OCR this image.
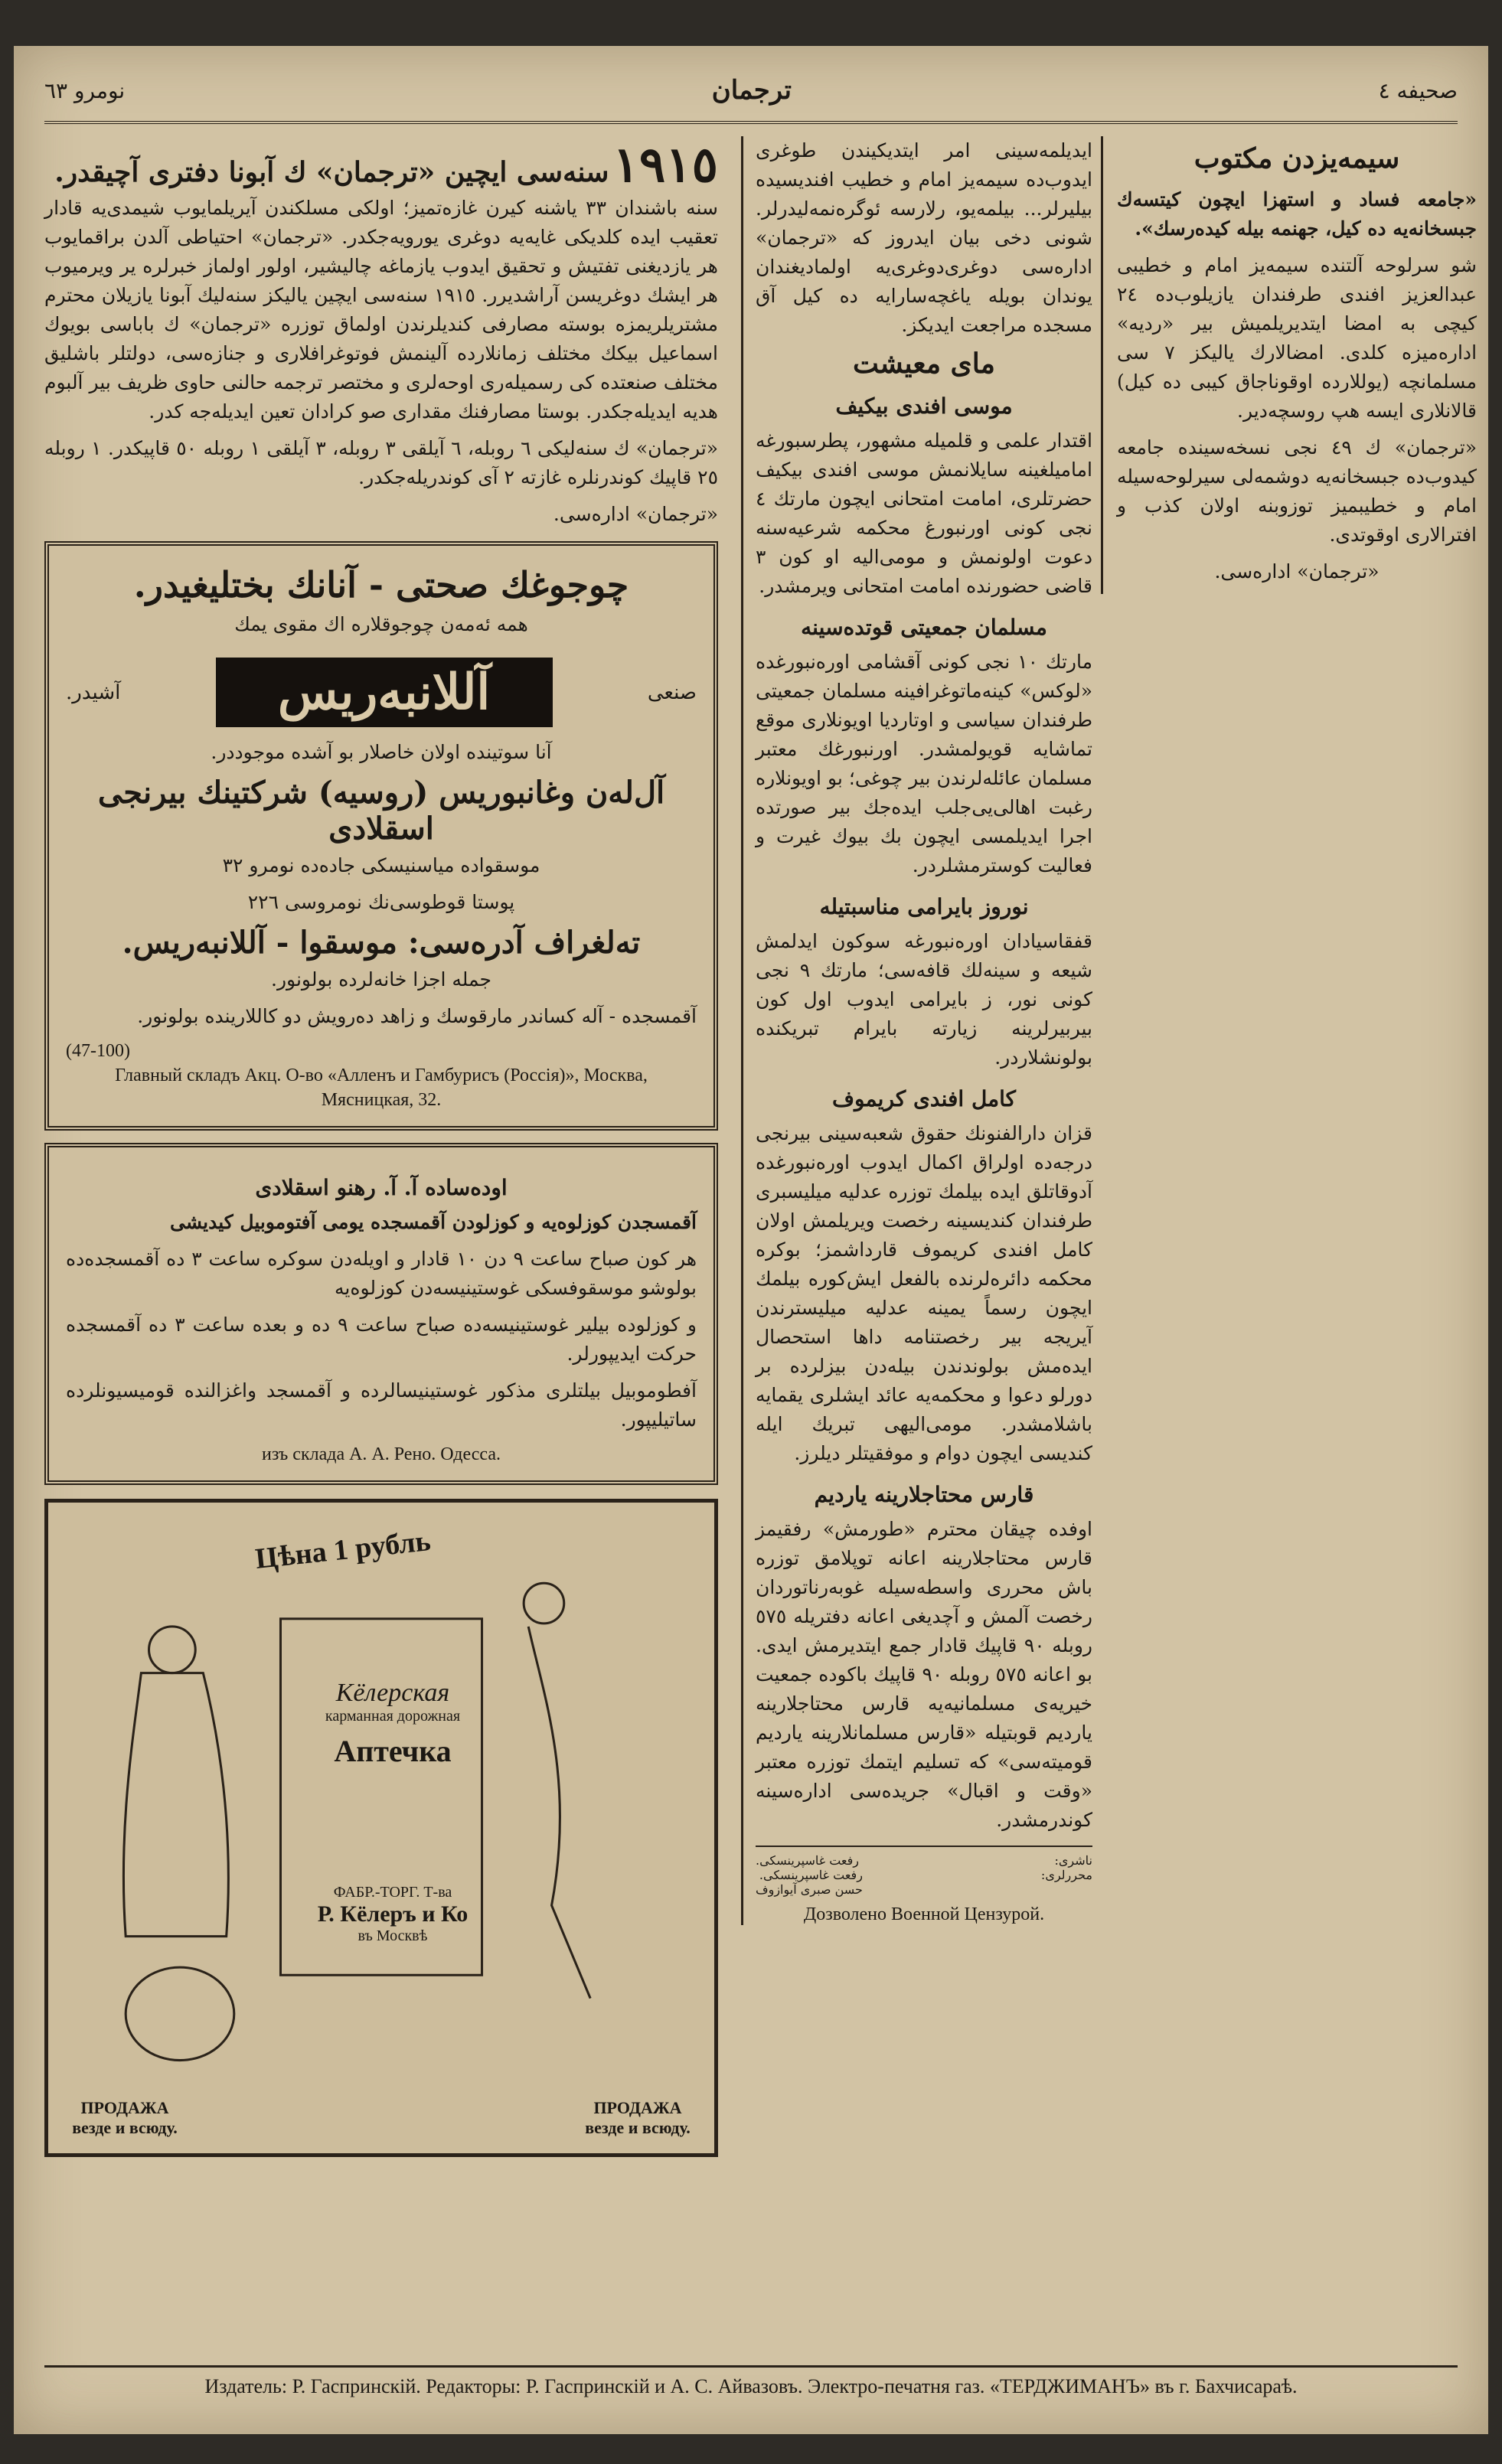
نومرو ٦٣	ترجمان	صحیفه ٤
سیمه‌یزدن مکتوب

«جامعه فساد و استهزا ایچون کیتسه‌ك جبسخانه‌یه ده کیل، جهنمه بیله کیده‌رسك».

شو سرلوحه آلتنده سیمه‌یز امام و خطیبی عبدالعزیز افندی طرفندان یازیلوب‌ده ٢٤ کیچی به امضا ایتدیریلمیش بیر «ردیه» اداره‌میزه کلدی. امضالارك یالیکز ٧ سی مسلمانچه (یوللارده اوقوناجاق کیبی ده کیل) قالانلاری ایسه هپ روسچه‌دیر.

«ترجمان» ك ٤٩ نجی نسخه‌سینده جامعه کیدوب‌ده جبسخانه‌یه دوشمه‌لی سیرلوحه‌سیله امام و خطیبمیز توزوبنه اولان کذب و افترالاری اوقوتدی.

«ترجمان» اداره‌سی.

ایدیلمه‌سینی امر ایتدیکیندن طوغری ایدوب‌ده سیمه‌یز امام و خطیب افندیسیده بیلیرلر... بیلمه‌یو، رلارسه ئوگره‌نمه‌لیدرلر. شونی دخی بیان ایدروز که «ترجمان» اداره‌سی دوغری‌دوغری‌یه اولمادیغندان یوندان بویله یاغچه‌سارایه ده کیل آق مسجده مراجعت ایدیکز.

مای معیشت
موسی افندی بیکیف

اقتدار علمی و قلمیله مشهور، پطرسبورغه امامیلغینه سایلانمش موسی افندی بیکیف حضرتلری، امامت امتحانی ایچون مارتك ٤ نجی کونی اورنبورغ محکمه شرعیه‌سنه دعوت اولونمش و مومی‌الیه او کون ٣ قاضی حضورنده امامت امتحانی ویرمشدر.

مسلمان جمعیتی قوتده‌سینه

مارتك ١٠ نجی کونی آقشامی اوره‌نبورغده «لوکس» کینه‌ماتوغرافینه مسلمان جمعیتی طرفندان سیاسی و اوتاردیا اویونلاری موقع تماشایه قویولمشدر. اورنبورغك معتبر مسلمان عائله‌لرندن بیر چوغی؛ بو اویونلاره رغبت اهالی‌یی‌جلب ایده‌جك بیر صورتده اجرا ایدیلمسی ایچون بك بیوك غیرت و فعالیت کوسترمشلردر.

نوروز بایرامی مناسبتیله

قفقاسیادان اوره‌نبورغه سوکون ایدلمش شیعه و سینه‌لك قافه‌سی؛ مارتك ٩ نجی کونی نور، ز بایرامی ایدوب اول کون بیربیرلرینه زیارته بایرام تبریکنده بولونشلاردر.

کامل افندی کریموف

قزان دارالفنونك حقوق شعبه‌سینی بیرنجی درجه‌ده اولراق اکمال ایدوب اوره‌نبورغده آدوقاتلق ایده بیلمك توزره عدلیه میلیسبری طرفندان کندیسینه رخصت ویریلمش اولان کامل افندی کریموف قارداشمز؛ بوکره محکمه دائره‌لرنده بالفعل ایش‌کوره بیلمك ایچون رسماً یمینه عدلیه میلیسترندن آیریجه بیر رخصتنامه داها استحصال ایده‌مش بولوندندن بیله‌دن بیزلرده بر دورلو دعوا و محکمه‌یه عائد ایشلری یقمایه باشلامشدر. مومی‌الیهی تبریك ایله کندیسی ایچون دوام و موفقیتلر دیلرز.

قارس محتاجلارینه یاردیم

اوفده چیقان محترم «طورمش» رفقیمز قارس محتاجلارینه اعانه توپلامق توزره باش محرری واسطه‌سیله غوبه‌رناتوردان رخصت آلمش و آچدیغی اعانه دفتریله ٥٧٥ روبله ٩٠ قاپیك قادار جمع ایتدیرمش ایدی. بو اعانه ٥٧٥ روبله ٩٠ قاپیك باکوده جمعیت خیریه‌ی مسلمانیه‌یه قارس محتاجلارینه یاردیم قوبتیله «قارس مسلمانلارینه یاردیم قومیته‌سی» که تسلیم ایتمك توزره معتبر «وقت و اقبال» جریده‌سی اداره‌سینه کوندرمشدر.

ناشری:
رفعت غاسپرینسکی.
محررلری:
رفعت غاسپرینسکی.
حسن صبری آیوازوف
Дозволено Военной Цензурой.
١٩١٥ سنه‌سی ایچین «ترجمان» ك آبونا دفتری آچیقدر.

سنه باشندان ٣٣ یاشنه کیرن غازه‌تمیز؛ اولکی مسلکندن آیریلمایوب شیمدی‌یه قادار تعقیب ایده کلدیکی غایه‌یه دوغری یورویه‌جکدر. «ترجمان» احتیاطی آلدن براقمایوب هر یازدیغنی تفتیش و تحقیق ایدوب یازماغه چالیشیر، اولور اولماز خبرلره یر ویرمیوب هر ایشك دوغریسن آراشدیرر. ١٩١٥ سنه‌سی ایچین یالیکز سنه‌لیك آبونا یازیلان محترم مشتریلریمزه بوسته مصارفی کندیلرندن اولماق توزره «ترجمان» ك باباسی بویوك اسماعیل بیکك مختلف زمانلارده آلینمش فوتوغرافلاری و جنازه‌سی، دولتلر باشلیق مختلف صنعتده کی رسمیله‌ری اوحه‌لری و مختصر ترجمه حالنی حاوی ظریف بیر آلبوم هدیه ایدیله‌جکدر. بوستا مصارفنك مقداری صو کرادان تعین ایدیله‌جه کدر.

«ترجمان» ك سنه‌لیکی ٦ روبله، ٦ آیلقی ٣ روبله، ٣ آیلقی ١ روبله ٥٠ قاپیكدر. ١ روبله ٢٥ قاپیك کوندرنلره غازته ٢ آی کوندریله‌جکدر.

«ترجمان» اداره‌سی.

چوجوغك صحتی - آنانك بختلیغیدر.

همه ئه‌مه‌ن چوجوقلاره اك مقوی یمك

صنعی
آللانبه‌ریس
آشیدر.

آنا سوتینده اولان خاصلار بو آشده موجوددر.

آل‌له‌ن وغانبوریس (روسیه) شرکتینك بیرنجی اسقلادی

موسقواده میاسنیسکی جاده‌ده نومرو ٣٢

پوستا قوطوسی‌نك نومروسی ٢٢٦

ته‌لغراف آدره‌سی: موسقوا - آللانبه‌ریس.

جمله اجزا خانه‌لرده بولونور.

آقمسجده - آله کساندر مارقوسك و زاهد ده‌رویش دو کاللارینده بولونور.

(47-100)

Главный складъ Акц. О-во «Алленъ и Гамбурисъ (Россія)», Москва,

Мясницкая, 32.

اوده‌ساده آ. آ. رهنو اسقلادی

آقمسجدن کوزلوه‌یه و کوزلودن آقمسجده یومی آفتوموبیل کیدیشی

هر کون صباح ساعت ٩ دن ١٠ قادار و اویله‌دن سوکره ساعت ٣ ده آقمسجده‌ده بولوشو موسقوفسکی غوستینیسه‌دن کوزلوه‌یه

و کوزلوده بیلیر غوستینیسه‌ده صباح ساعت ٩ ده و بعده ساعت ٣ ده آقمسجده حرکت ایدیپورلر.

آفطوموبیل بیلتلری مذکور غوستینیسالرده و آقمسجد واغزالنده قومیسیونلرده ساتیلیپور.

изъ склада А. А. Рено. Одесса.

Цѣна 1 рубль
Кёлерская
карманная дорожная
Аптечка
ФАБР.-ТОРГ. Т-ва
Р. Кёлеръ и Ко
въ Москвѣ
ПРОДАЖА везде и всюду.
ПРОДАЖА везде и всюду.
Издатель: Р. Гаспринскій. Редакторы: Р. Гаспринскій и А. С. Айвазовъ. Электро-печатня газ. «ТЕРДЖИМАНЪ» въ г. Бахчисараѣ.
